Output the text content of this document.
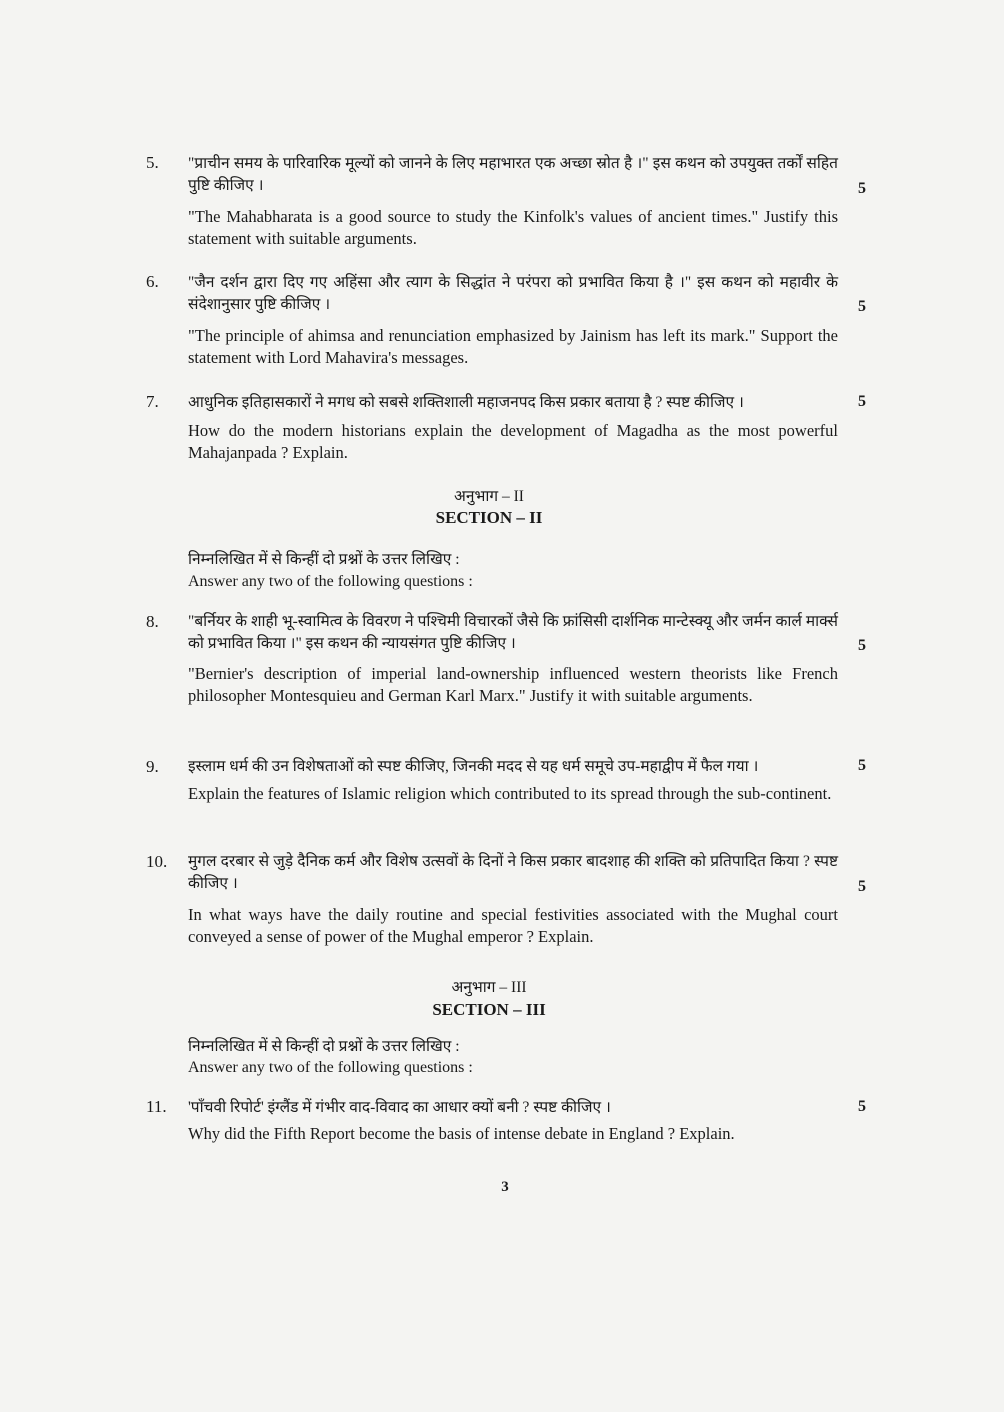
5. "प्राचीन समय के पारिवारिक मूल्यों को जानने के लिए महाभारत एक अच्छा स्रोत है ।" इस कथन को उपयुक्त तर्कों सहित पुष्टि कीजिए ।	5
"The Mahabharata is a good source to study the Kinfolk's values of ancient times." Justify this statement with suitable arguments.
6. "जैन दर्शन द्वारा दिए गए अहिंसा और त्याग के सिद्धांत ने परंपरा को प्रभावित किया है ।" इस कथन को महावीर के संदेशानुसार पुष्टि कीजिए ।	5
"The principle of ahimsa and renunciation emphasized by Jainism has left its mark." Support the statement with Lord Mahavira's messages.
7. आधुनिक इतिहासकारों ने मगध को सबसे शक्तिशाली महाजनपद किस प्रकार बताया है ? स्पष्ट कीजिए ।	5
How do the modern historians explain the development of Magadha as the most powerful Mahajanpada ? Explain.
अनुभाग – II
SECTION – II
निम्नलिखित में से किन्हीं दो प्रश्नों के उत्तर लिखिए :
Answer any two of the following questions :
8. "बर्नियर के शाही भू-स्वामित्व के विवरण ने पश्चिमी विचारकों जैसे कि फ्रांसिसी दार्शनिक मान्टेस्क्यू और जर्मन कार्ल मार्क्स को प्रभावित किया ।" इस कथन की न्यायसंगत पुष्टि कीजिए ।	5
"Bernier's description of imperial land-ownership influenced western theorists like French philosopher Montesquieu and German Karl Marx." Justify it with suitable arguments.
9. इस्लाम धर्म की उन विशेषताओं को स्पष्ट कीजिए, जिनकी मदद से यह धर्म समूचे उप-महाद्वीप में फैल गया ।	5
Explain the features of Islamic religion which contributed to its spread through the sub-continent.
10. मुगल दरबार से जुड़े दैनिक कर्म और विशेष उत्सवों के दिनों ने किस प्रकार बादशाह की शक्ति को प्रतिपादित किया ? स्पष्ट कीजिए ।	5
In what ways have the daily routine and special festivities associated with the Mughal court conveyed a sense of power of the Mughal emperor ? Explain.
अनुभाग – III
SECTION – III
निम्नलिखित में से किन्हीं दो प्रश्नों के उत्तर लिखिए :
Answer any two of the following questions :
11. 'पाँचवी रिपोर्ट' इंग्लैंड में गंभीर वाद-विवाद का आधार क्यों बनी ? स्पष्ट कीजिए ।	5
Why did the Fifth Report become the basis of intense debate in England ? Explain.
3
